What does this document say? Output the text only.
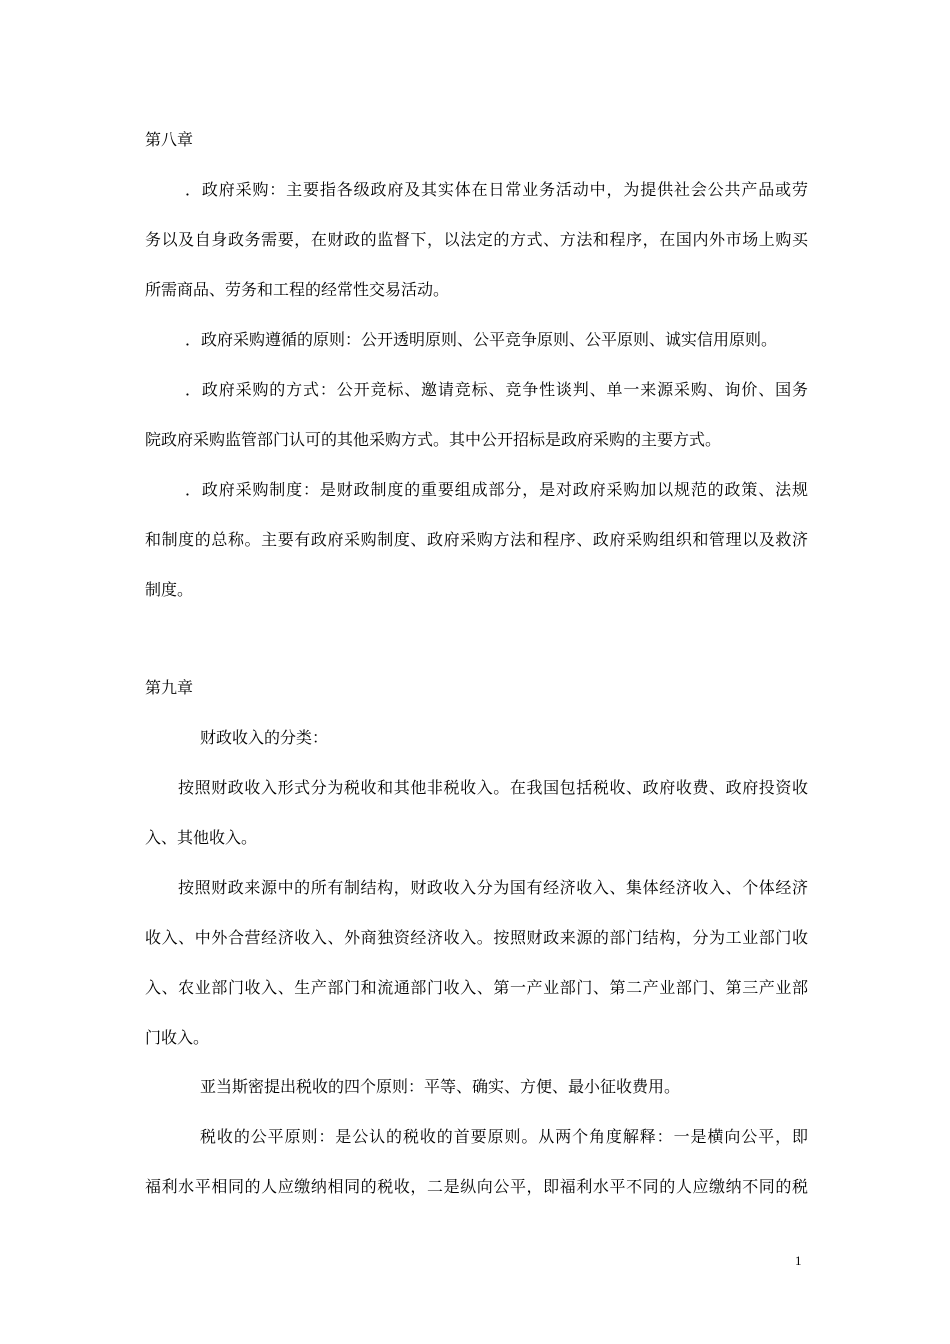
第八章
．政府采购：主要指各级政府及其实体在日常业务活动中，为提供社会公共产品或劳
务以及自身政务需要，在财政的监督下，以法定的方式、方法和程序，在国内外市场上购买
所需商品、劳务和工程的经常性交易活动。
．政府采购遵循的原则：公开透明原则、公平竞争原则、公平原则、诚实信用原则。
．政府采购的方式：公开竞标、邀请竞标、竞争性谈判、单一来源采购、询价、国务
院政府采购监管部门认可的其他采购方式。其中公开招标是政府采购的主要方式。
．政府采购制度：是财政制度的重要组成部分，是对政府采购加以规范的政策、法规
和制度的总称。主要有政府采购制度、政府采购方法和程序、政府采购组织和管理以及救济
制度。
第九章
财政收入的分类：
按照财政收入形式分为税收和其他非税收入。在我国包括税收、政府收费、政府投资收
入、其他收入。
按照财政来源中的所有制结构，财政收入分为国有经济收入、集体经济收入、个体经济
收入、中外合营经济收入、外商独资经济收入。按照财政来源的部门结构，分为工业部门收
入、农业部门收入、生产部门和流通部门收入、第一产业部门、第二产业部门、第三产业部
门收入。
亚当斯密提出税收的四个原则：平等、确实、方便、最小征收费用。
税收的公平原则：是公认的税收的首要原则。从两个角度解释：一是横向公平，即
福利水平相同的人应缴纳相同的税收，二是纵向公平，即福利水平不同的人应缴纳不同的税
1
